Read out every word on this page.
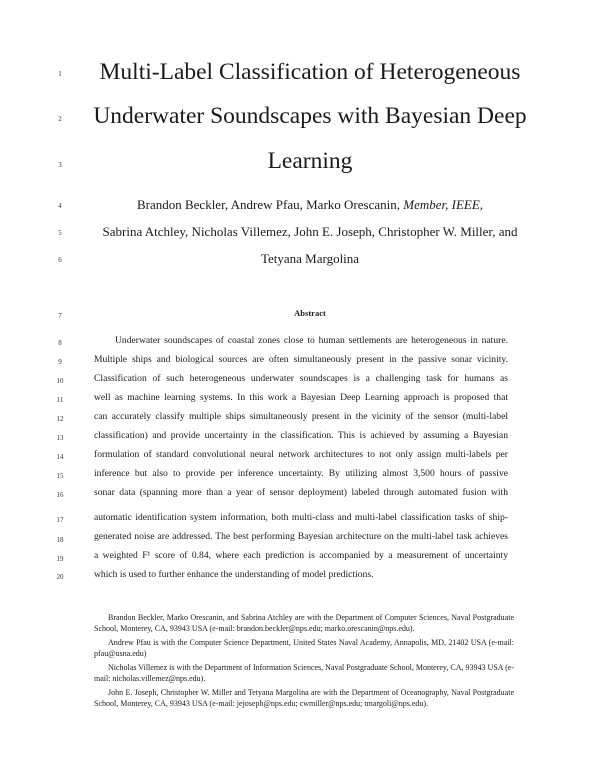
1
2
3
4
5
6
7
8
9
10
11
12
13
14
15
16
17
18
19
20
Multi-Label Classification of Heterogeneous
Underwater Soundscapes with Bayesian Deep
Learning
Brandon Beckler, Andrew Pfau, Marko Orescanin, Member, IEEE,
Sabrina Atchley, Nicholas Villemez, John E. Joseph, Christopher W. Miller, and
Tetyana Margolina
Abstract
Underwater soundscapes of coastal zones close to human settlements are heterogeneous in nature.
Multiple ships and biological sources are often simultaneously present in the passive sonar vicinity.
Classification of such heterogeneous underwater soundscapes is a challenging task for humans as
well as machine learning systems. In this work a Bayesian Deep Learning approach is proposed that
can accurately classify multiple ships simultaneously present in the vicinity of the sensor (multi-label
classification) and provide uncertainty in the classification. This is achieved by assuming a Bayesian
formulation of standard convolutional neural network architectures to not only assign multi-labels per
inference but also to provide per inference uncertainty. By utilizing almost 3,500 hours of passive
sonar data (spanning more than a year of sensor deployment) labeled through automated fusion with
automatic identification system information, both multi-class and multi-label classification tasks of ship-
generated noise are addressed. The best performing Bayesian architecture on the multi-label task achieves
a weighted F¹ score of 0.84, where each prediction is accompanied by a measurement of uncertainty
which is used to further enhance the understanding of model predictions.
Brandon Beckler, Marko Orescanin, and Sabrina Atchley are with the Department of Computer Sciences, Naval Postgraduate School, Monterey, CA, 93943 USA (e-mail: brandon.beckler@nps.edu; marko.orescanin@nps.edu).
Andrew Pfau is with the Computer Science Department, United States Naval Academy, Annapolis, MD, 21402 USA (e-mail: pfau@usna.edu)
Nicholas Villemez is with the Department of Information Sciences, Naval Postgraduate School, Monterey, CA, 93943 USA (e-mail: nicholas.villemez@nps.edu).
John E. Joseph, Christopher W. Miller and Tetyana Margolina are with the Department of Oceanography, Naval Postgraduate School, Monterey, CA, 93943 USA (e-mail: jejoseph@nps.edu; cwmiller@nps.edu; tmargoli@nps.edu).
